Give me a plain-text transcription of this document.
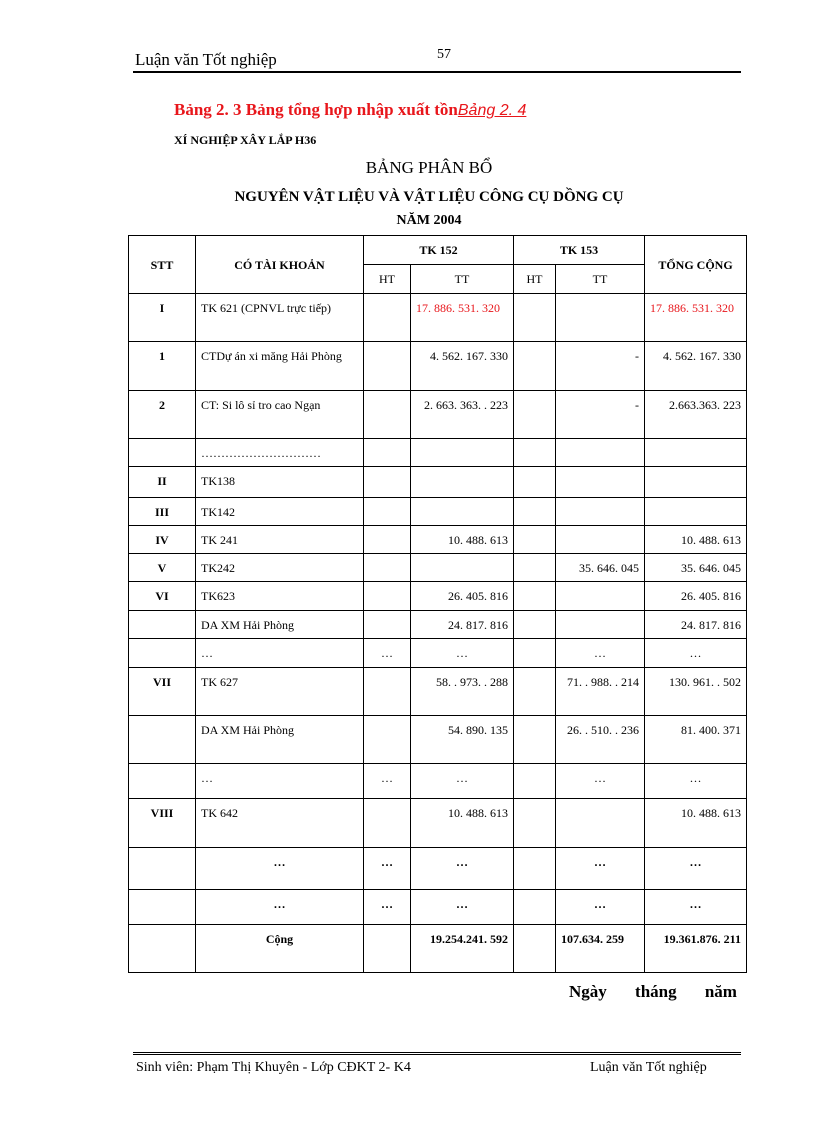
Luận văn Tốt nghiệp	57
Bảng 2. 3 Bảng tổng hợp nhập xuất tồnBảng 2. 4
XÍ NGHIỆP XÂY LẮP H36
BẢNG PHÂN BỔ
NGUYÊN VẬT LIỆU VÀ VẬT LIỆU CÔNG CỤ DỒNG CỤ
NĂM 2004
STT	CÓ TÀI KHOẢN	TK 152		TK 153		TỔNG CỘNG
		HT	TT	HT	TT	
I	TK 621 (CPNVL trực tiếp)		17. 886. 531. 320			17. 886. 531. 320
1	CTDự án xi măng Hải Phòng		4. 562. 167. 330		-	4. 562. 167. 330
2	CT: Si lô sỉ tro cao Ngạn		2. 663. 363. . 223		-	2.663.363. 223
	…………………………					
II	TK138					
III	TK142					
IV	TK 241		10. 488. 613			10. 488. 613
V	TK242				35. 646. 045	35. 646. 045
VI	TK623		26. 405. 816			26. 405. 816
	DA XM Hải Phòng		24. 817. 816			24. 817. 816
	…	…	…		…	…
VII	TK 627		58. . 973. . 288		71. . 988. . 214	130. 961. . 502
	DA XM Hải Phòng		54. 890. 135		26. . 510. . 236	81. 400. 371
	…	…	…		…	…
VIII	TK 642		10. 488. 613			10. 488. 613
	…	…	…		…	…
	…	…	…		…	…
	Cộng		19.254.241. 592		107.634. 259	19.361.876. 211
Ngày tháng năm
Sinh viên: Phạm Thị Khuyên - Lớp CĐKT 2- K4	Luận văn Tốt nghiệp
